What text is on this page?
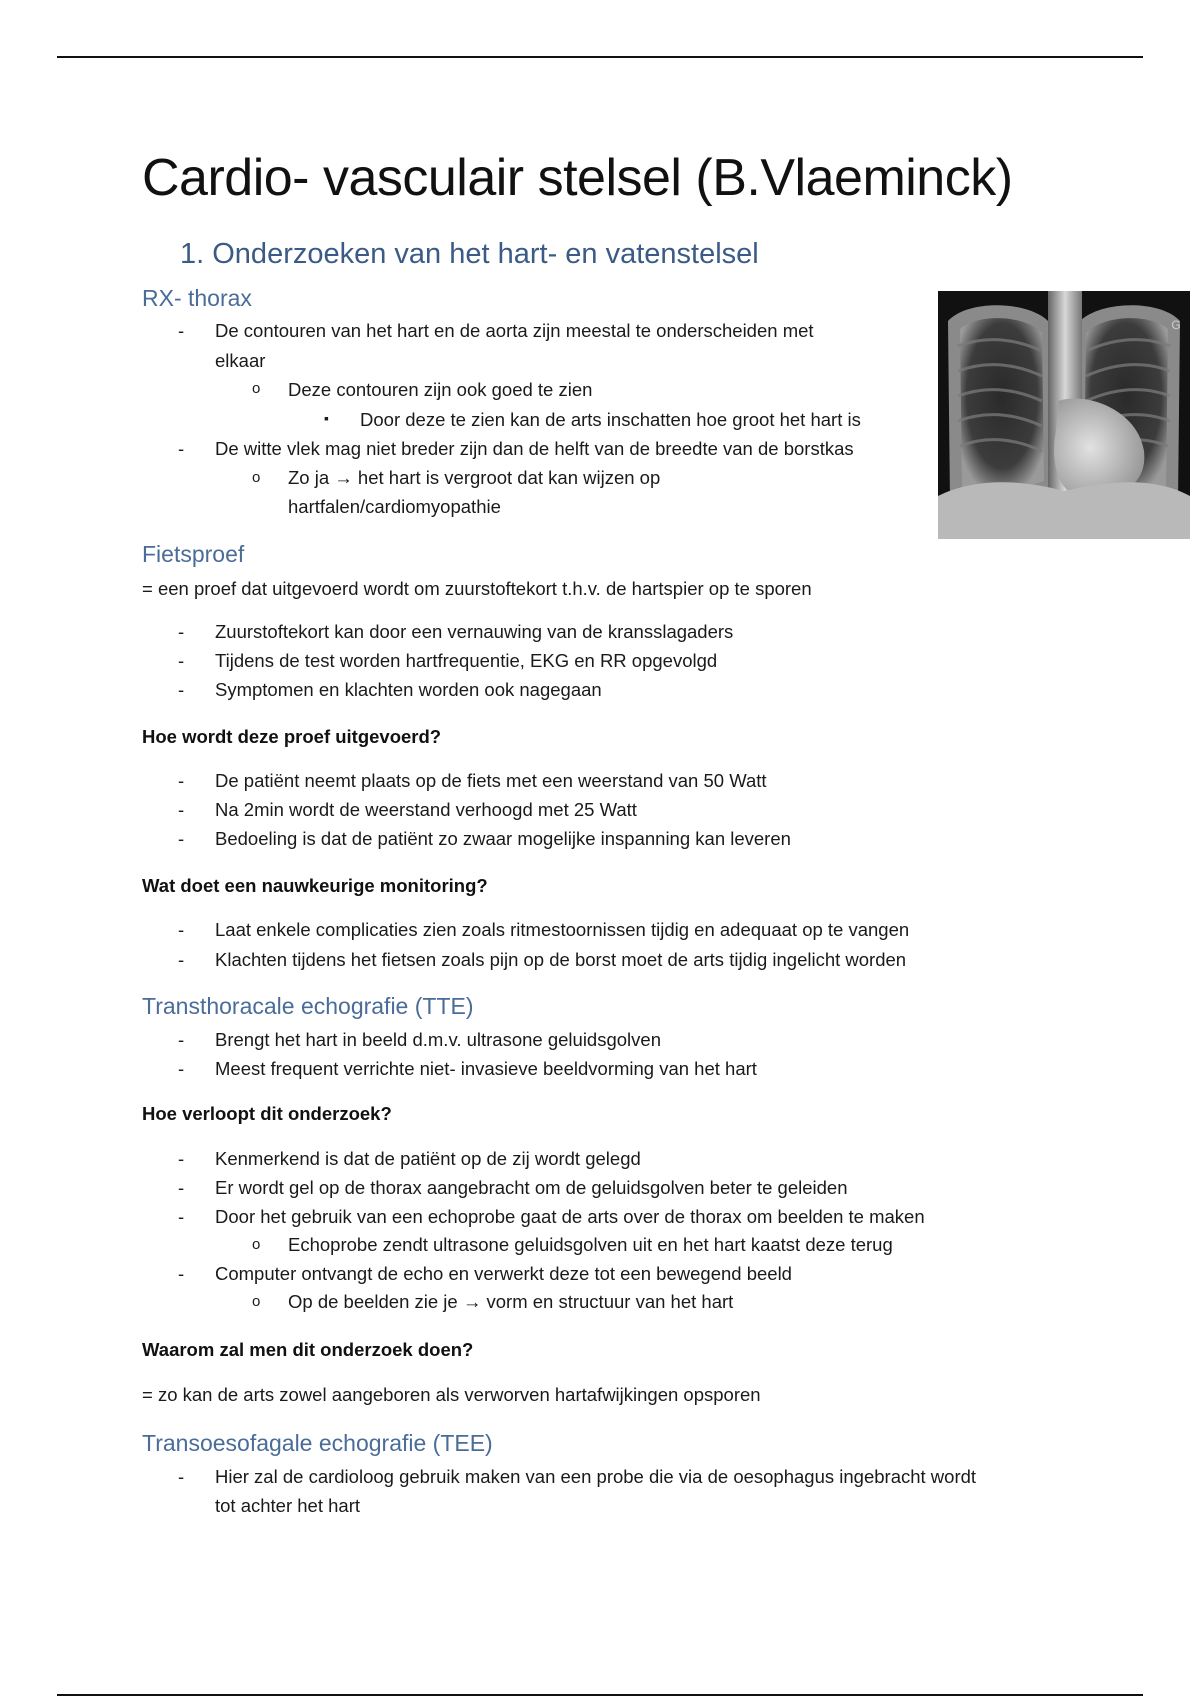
Cardio- vasculair stelsel (B.Vlaeminck)
1. Onderzoeken van het hart- en vatenstelsel
RX- thorax
- De contouren van het hart en de aorta zijn meestal te onderscheiden met
elkaar
o Deze contouren zijn ook goed te zien
▪ Door deze te zien kan de arts inschatten hoe groot het hart is
- De witte vlek mag niet breder zijn dan de helft van de breedte van de borstkas
o Zo ja → het hart is vergroot dat kan wijzen op
hartfalen/cardiomyopathie
G
Fietsproef
= een proef dat uitgevoerd wordt om zuurstoftekort t.h.v. de hartspier op te sporen
- Zuurstoftekort kan door een vernauwing van de kransslagaders
- Tijdens de test worden hartfrequentie, EKG en RR opgevolgd
- Symptomen en klachten worden ook nagegaan
Hoe wordt deze proef uitgevoerd?
- De patiënt neemt plaats op de fiets met een weerstand van 50 Watt
- Na 2min wordt de weerstand verhoogd met 25 Watt
- Bedoeling is dat de patiënt zo zwaar mogelijke inspanning kan leveren
Wat doet een nauwkeurige monitoring?
- Laat enkele complicaties zien zoals ritmestoornissen tijdig en adequaat op te vangen
- Klachten tijdens het fietsen zoals pijn op de borst moet de arts tijdig ingelicht worden
Transthoracale echografie (TTE)
- Brengt het hart in beeld d.m.v. ultrasone geluidsgolven
- Meest frequent verrichte niet- invasieve beeldvorming van het hart
Hoe verloopt dit onderzoek?
- Kenmerkend is dat de patiënt op de zij wordt gelegd
- Er wordt gel op de thorax aangebracht om de geluidsgolven beter te geleiden
- Door het gebruik van een echoprobe gaat de arts over de thorax om beelden te maken
o Echoprobe zendt ultrasone geluidsgolven uit en het hart kaatst deze terug
- Computer ontvangt de echo en verwerkt deze tot een bewegend beeld
o Op de beelden zie je → vorm en structuur van het hart
Waarom zal men dit onderzoek doen?
= zo kan de arts zowel aangeboren als verworven hartafwijkingen opsporen
Transoesofagale echografie (TEE)
- Hier zal de cardioloog gebruik maken van een probe die via de oesophagus ingebracht wordt
tot achter het hart
